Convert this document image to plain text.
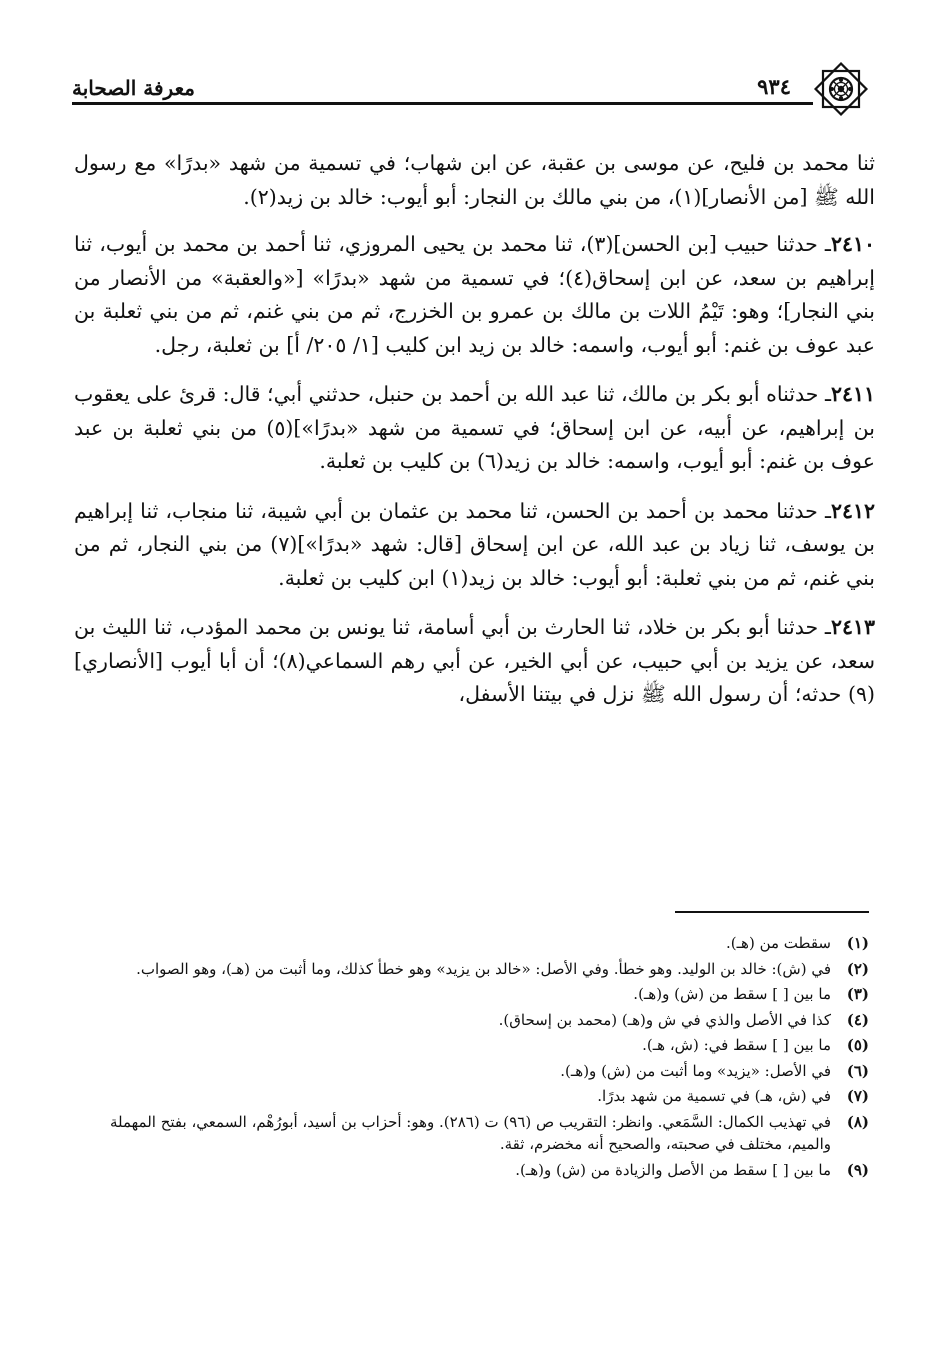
٩٣٤
معرفة الصحابة

ثنا محمد بن فليح، عن موسى بن عقبة، عن ابن شهاب؛ في تسمية من شهد «بدرًا» مع رسول الله ﷺ [من الأنصار](١)، من بني مالك بن النجار: أبو أيوب: خالد بن زيد(٢).

٢٤١٠ـ حدثنا حبيب [بن الحسن](٣)، ثنا محمد بن يحيى المروزي، ثنا أحمد بن محمد بن أيوب، ثنا إبراهيم بن سعد، عن ابن إسحاق(٤)؛ في تسمية من شهد «بدرًا» [«والعقبة» من الأنصار من بني النجار]؛ وهو: تَيْمُ اللات بن مالك بن عمرو بن الخزرج، ثم من بني غنم، ثم من بني ثعلبة بن عبد عوف بن غنم: أبو أيوب، واسمه: خالد بن زيد ابن كليب [١/ ٢٠٥/ أ] بن ثعلبة، رجل.

٢٤١١ـ حدثناه أبو بكر بن مالك، ثنا عبد الله بن أحمد بن حنبل، حدثني أبي؛ قال: قرئ على يعقوب بن إبراهيم، عن أبيه، عن ابن إسحاق؛ في تسمية من شهد «بدرًا»](٥) من بني ثعلبة بن عبد عوف بن غنم: أبو أيوب، واسمه: خالد بن زيد(٦) بن كليب بن ثعلبة.

٢٤١٢ـ حدثنا محمد بن أحمد بن الحسن، ثنا محمد بن عثمان بن أبي شيبة، ثنا منجاب، ثنا إبراهيم بن يوسف، ثنا زياد بن عبد الله، عن ابن إسحاق [قال: شهد «بدرًا»](٧) من بني النجار، ثم من بني غنم، ثم من بني ثعلبة: أبو أيوب: خالد بن زيد(١) ابن كليب بن ثعلبة.

٢٤١٣ـ حدثنا أبو بكر بن خلاد، ثنا الحارث بن أبي أسامة، ثنا يونس بن محمد المؤدب، ثنا الليث بن سعد، عن يزيد بن أبي حبيب، عن أبي الخير، عن أبي رهم السماعي(٨)؛ أن أبا أيوب [الأنصاري](٩) حدثه؛ أن رسول الله ﷺ نزل في بيتنا الأسفل،

(١)
سقطت من (هـ).
(٢)
في (ش): خالد بن الوليد. وهو خطأ. وفي الأصل: «خالد بن يزيد» وهو خطأ كذلك، وما أثبت من (هـ)، وهو الصواب.
(٣)
ما بين [ ] سقط من (ش) و(هـ).
(٤)
كذا في الأصل والذي في ش و(هـ) (محمد بن إسحاق).
(٥)
ما بين [ ] سقط في: (ش، هـ).
(٦)
في الأصل: «يزيد» وما أثبت من (ش) و(هـ).
(٧)
في (ش، هـ) في تسمية من شهد بدرًا.
(٨)
في تهذيب الكمال: السَّمَعي. وانظر: التقريب ص (٩٦) ت (٢٨٦). وهو: أحزاب بن أسيد، أبورُهْم، السمعي، بفتح المهملة والميم، مختلف في صحبته، والصحيح أنه مخضرم، ثقة.
(٩)
ما بين [ ] سقط من الأصل والزيادة من (ش) و(هـ).
